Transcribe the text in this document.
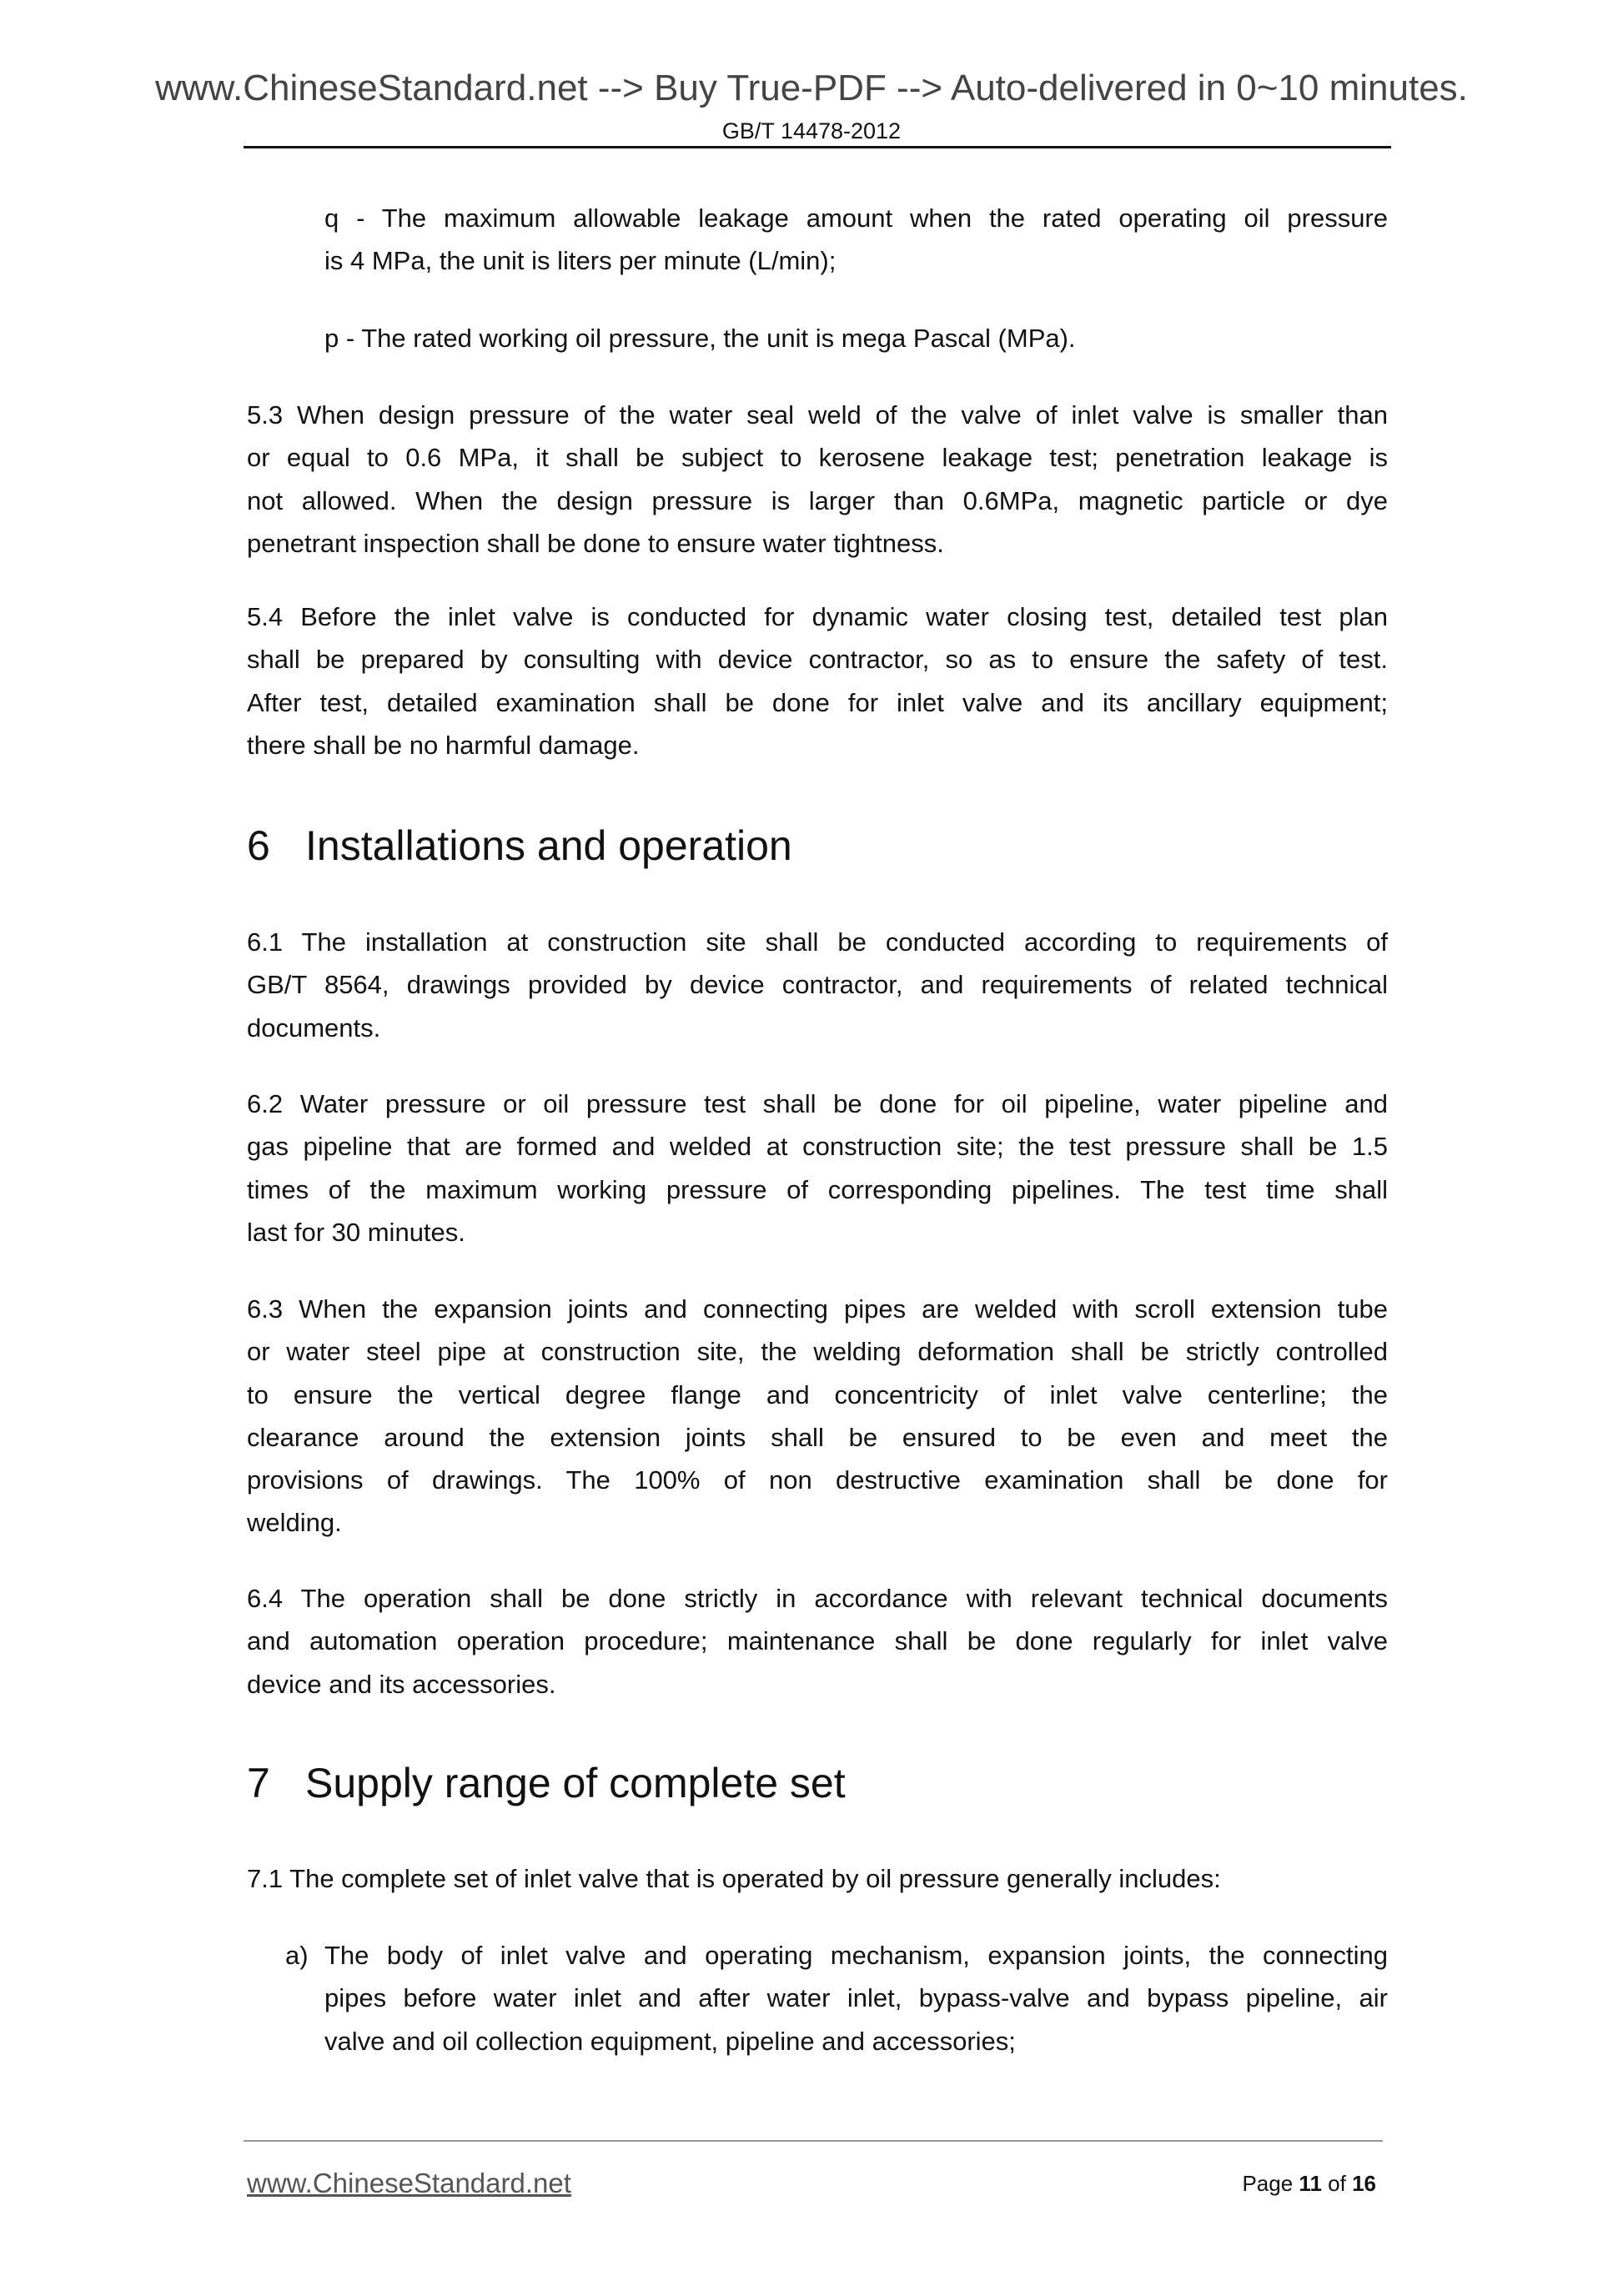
www.ChineseStandard.net --> Buy True-PDF --> Auto-delivered in 0~10 minutes.
GB/T 14478-2012
q - The maximum allowable leakage amount when the rated operating oil pressure
is 4 MPa, the unit is liters per minute (L/min);
p - The rated working oil pressure, the unit is mega Pascal (MPa).
5.3 When design pressure of the water seal weld of the valve of inlet valve is smaller than
or equal to 0.6 MPa, it shall be subject to kerosene leakage test; penetration leakage is
not allowed. When the design pressure is larger than 0.6MPa, magnetic particle or dye
penetrant inspection shall be done to ensure water tightness.
5.4 Before the inlet valve is conducted for dynamic water closing test, detailed test plan
shall be prepared by consulting with device contractor, so as to ensure the safety of test.
After test, detailed examination shall be done for inlet valve and its ancillary equipment;
there shall be no harmful damage.
6 Installations and operation
6.1 The installation at construction site shall be conducted according to requirements of
GB/T 8564, drawings provided by device contractor, and requirements of related technical
documents.
6.2 Water pressure or oil pressure test shall be done for oil pipeline, water pipeline and
gas pipeline that are formed and welded at construction site; the test pressure shall be 1.5
times of the maximum working pressure of corresponding pipelines. The test time shall
last for 30 minutes.
6.3 When the expansion joints and connecting pipes are welded with scroll extension tube
or water steel pipe at construction site, the welding deformation shall be strictly controlled
to ensure the vertical degree flange and concentricity of inlet valve centerline; the
clearance around the extension joints shall be ensured to be even and meet the
provisions of drawings. The 100% of non destructive examination shall be done for
welding.
6.4 The operation shall be done strictly in accordance with relevant technical documents
and automation operation procedure; maintenance shall be done regularly for inlet valve
device and its accessories.
7 Supply range of complete set
7.1 The complete set of inlet valve that is operated by oil pressure generally includes:
a) The body of inlet valve and operating mechanism, expansion joints, the connecting
pipes before water inlet and after water inlet, bypass-valve and bypass pipeline, air
valve and oil collection equipment, pipeline and accessories;
www.ChineseStandard.net	Page 11 of 16
